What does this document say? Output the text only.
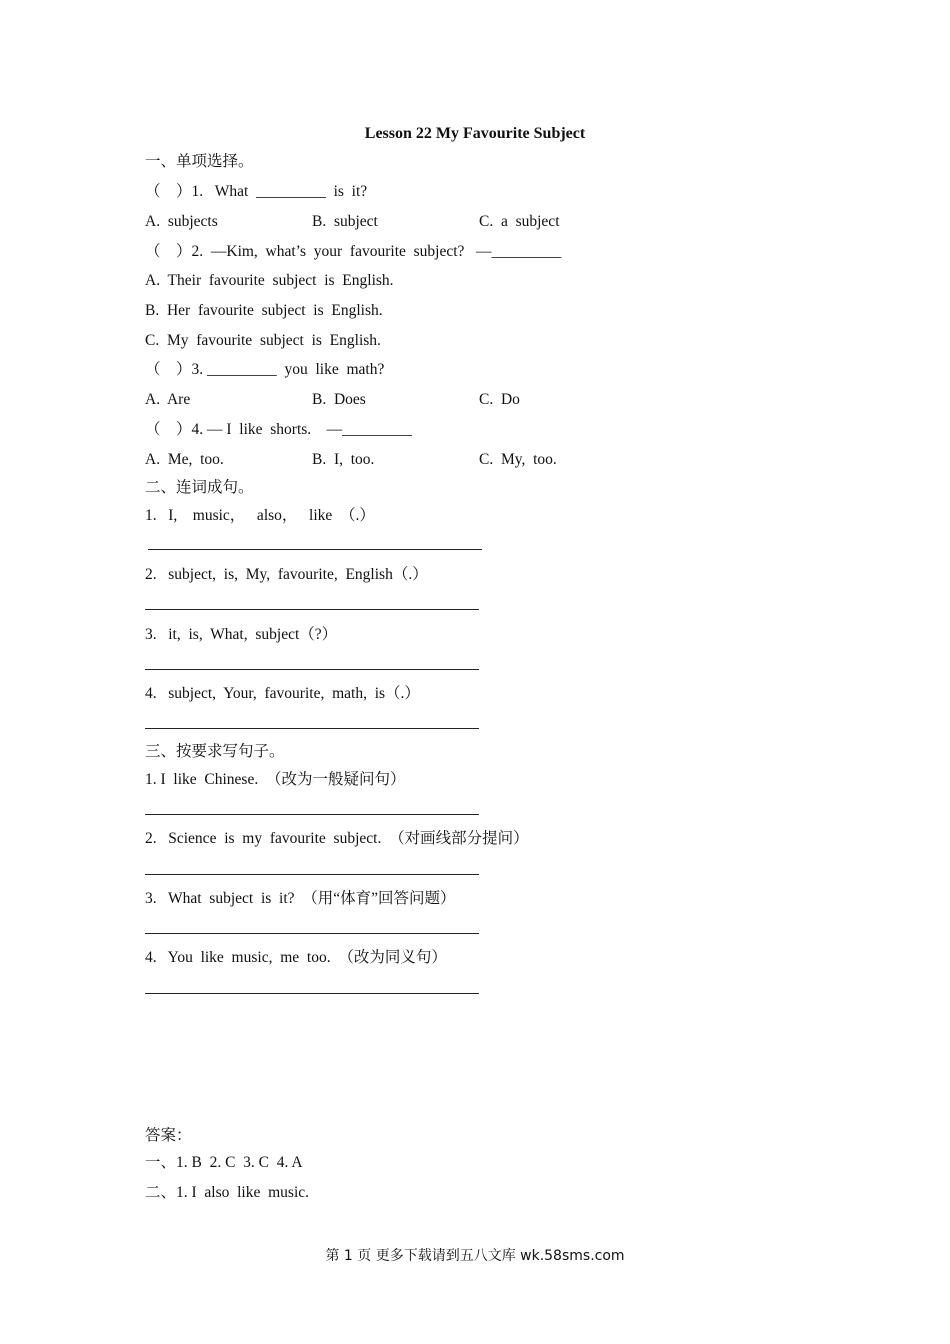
Lesson 22 My Favourite Subject
一、单项选择。
（　）1.   What  _________  is  it?
A.  subjects	B.  subject	C.  a  subject
（　）2.  —Kim,  what’s  your  favourite  subject?   —_________
A.  Their  favourite  subject  is  English.
B.  Her  favourite  subject  is  English.
C.  My  favourite  subject  is  English.
（　）3. _________  you  like  math?
A.  Are	B.  Does	C.  Do
（　）4. — I  like  shorts.    —_________
A.  Me,  too.	B.  I,  too.	C.  My,  too.
二、连词成句。
1.   I,    music，   also，   like  （.）
2.   subject,  is,  My,  favourite,  English（.）
3.   it,  is,  What,  subject（?）
4.   subject,  Your,  favourite,  math,  is（.）
三、按要求写句子。
1. I  like  Chinese.  （改为一般疑问句）
2.   Science  is  my  favourite  subject.  （对画线部分提问）
3.   What  subject  is  it?  （用“体育”回答问题）
4.   You  like  music,  me  too.  （改为同义句）
答案：
一、1. B  2. C  3. C  4. A
二、1. I  also  like  music.
第 1 页 更多下载请到五八文库 wk.58sms.com
